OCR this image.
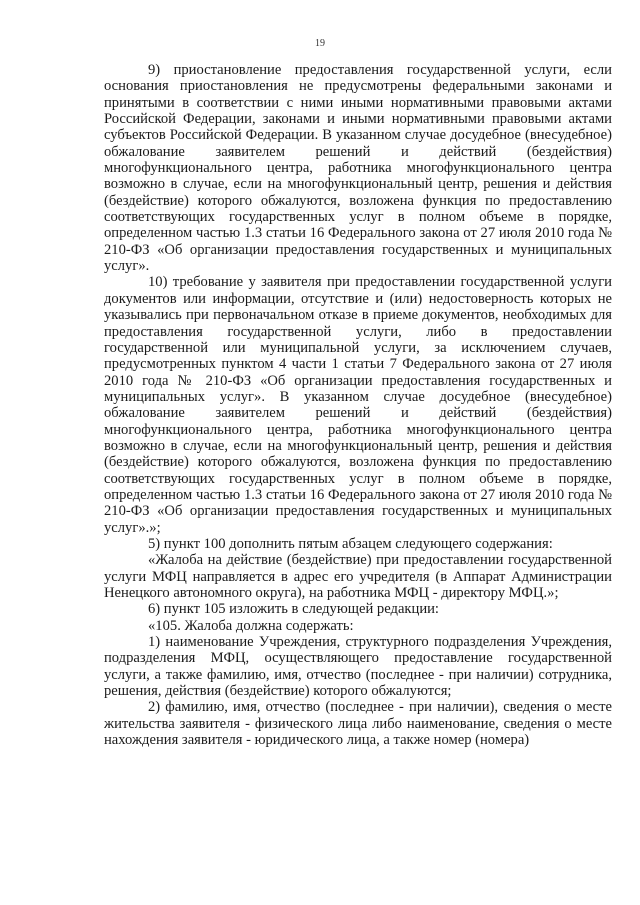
19

9) приостановление предоставления государственной услуги, если основания приостановления не предусмотрены федеральными законами и принятыми в соответствии с ними иными нормативными правовыми актами Российской Федерации, законами и иными нормативными правовыми актами субъектов Российской Федерации. В указанном случае досудебное (внесудебное) обжалование заявителем решений и действий (бездействия) многофункционального центра, работника многофункционального центра возможно в случае, если на многофункциональный центр, решения и действия (бездействие) которого обжалуются, возложена функция по предоставлению соответствующих государственных услуг в полном объеме в порядке, определенном частью 1.3 статьи 16 Федерального закона от 27 июля 2010 года № 210-ФЗ «Об организации предоставления государственных и муниципальных услуг».

10) требование у заявителя при предоставлении государственной услуги документов или информации, отсутствие и (или) недостоверность которых не указывались при первоначальном отказе в приеме документов, необходимых для предоставления государственной услуги, либо в предоставлении государственной или муниципальной услуги, за исключением случаев, предусмотренных пунктом 4 части 1 статьи 7 Федерального закона от 27 июля 2010 года № 210-ФЗ «Об организации предоставления государственных и муниципальных услуг». В указанном случае досудебное (внесудебное) обжалование заявителем решений и действий (бездействия) многофункционального центра, работника многофункционального центра возможно в случае, если на многофункциональный центр, решения и действия (бездействие) которого обжалуются, возложена функция по предоставлению соответствующих государственных услуг в полном объеме в порядке, определенном частью 1.3 статьи 16 Федерального закона от 27 июля 2010 года № 210-ФЗ «Об организации предоставления государственных и муниципальных услуг».»;

5) пункт 100 дополнить пятым абзацем следующего содержания:

«Жалоба на действие (бездействие) при предоставлении государственной услуги МФЦ направляется в адрес его учредителя (в Аппарат Администрации Ненецкого автономного округа), на работника МФЦ - директору МФЦ.»;

6) пункт 105 изложить в следующей редакции:

«105. Жалоба должна содержать:

1) наименование Учреждения, структурного подразделения Учреждения, подразделения МФЦ, осуществляющего предоставление государственной услуги, а также фамилию, имя, отчество (последнее - при наличии) сотрудника, решения, действия (бездействие) которого обжалуются;

2) фамилию, имя, отчество (последнее - при наличии), сведения о месте жительства заявителя - физического лица либо наименование, сведения о месте нахождения заявителя - юридического лица, а также номер (номера)
